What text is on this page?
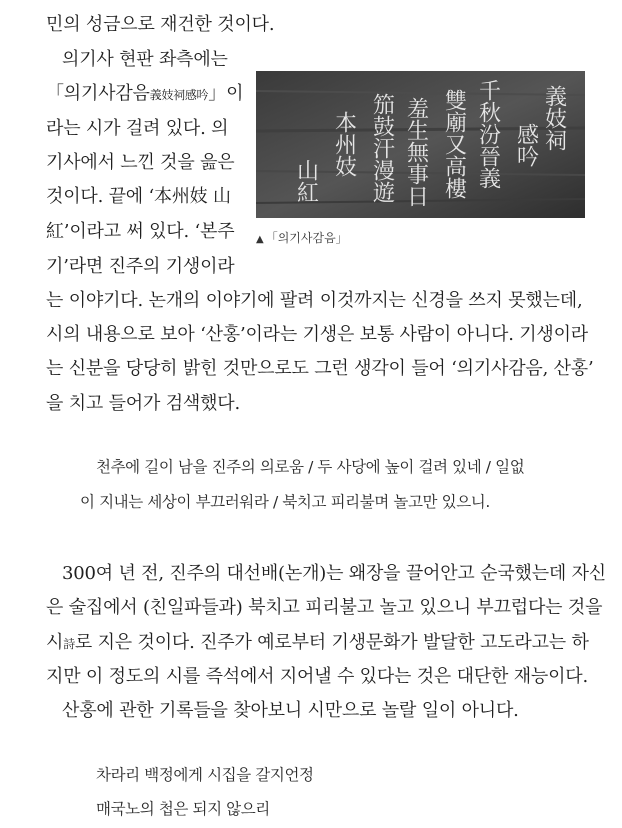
민의 성금으로 재건한 것이다.
의기사 현판 좌측에는
「의기사감음義妓祠感吟」이
라는 시가 걸려 있다. 의
기사에서 느낀 것을 읊은
것이다. 끝에 ‘本州妓 山
紅’이라고 써 있다. ‘본주
기’라면 진주의 기생이라
는 이야기다. 논개의 이야기에 팔려 이것까지는 신경을 쓰지 못했는데,
시의 내용으로 보아 ‘산홍’이라는 기생은 보통 사람이 아니다. 기생이라
는 신분을 당당히 밝힌 것만으로도 그런 생각이 들어 ‘의기사감음, 산홍’
을 치고 들어가 검색했다.
義妓祠
感吟
千秋汾晉義
雙廟又高樓
羞生無事日
笳鼓汗漫遊
本州妓
山紅
▲ 「의기사감음」
천추에 길이 남을 진주의 의로움 / 두 사당에 높이 걸려 있네 / 일없
이 지내는 세상이 부끄러워라 / 북치고 피리불며 놀고만 있으니.
300여 년 전, 진주의 대선배(논개)는 왜장을 끌어안고 순국했는데 자신
은 술집에서 (친일파들과) 북치고 피리불고 놀고 있으니 부끄럽다는 것을
시詩로 지은 것이다. 진주가 예로부터 기생문화가 발달한 고도라고는 하
지만 이 정도의 시를 즉석에서 지어낼 수 있다는 것은 대단한 재능이다.
산홍에 관한 기록들을 찾아보니 시만으로 놀랄 일이 아니다.
차라리 백정에게 시집을 갈지언정
매국노의 첩은 되지 않으리
